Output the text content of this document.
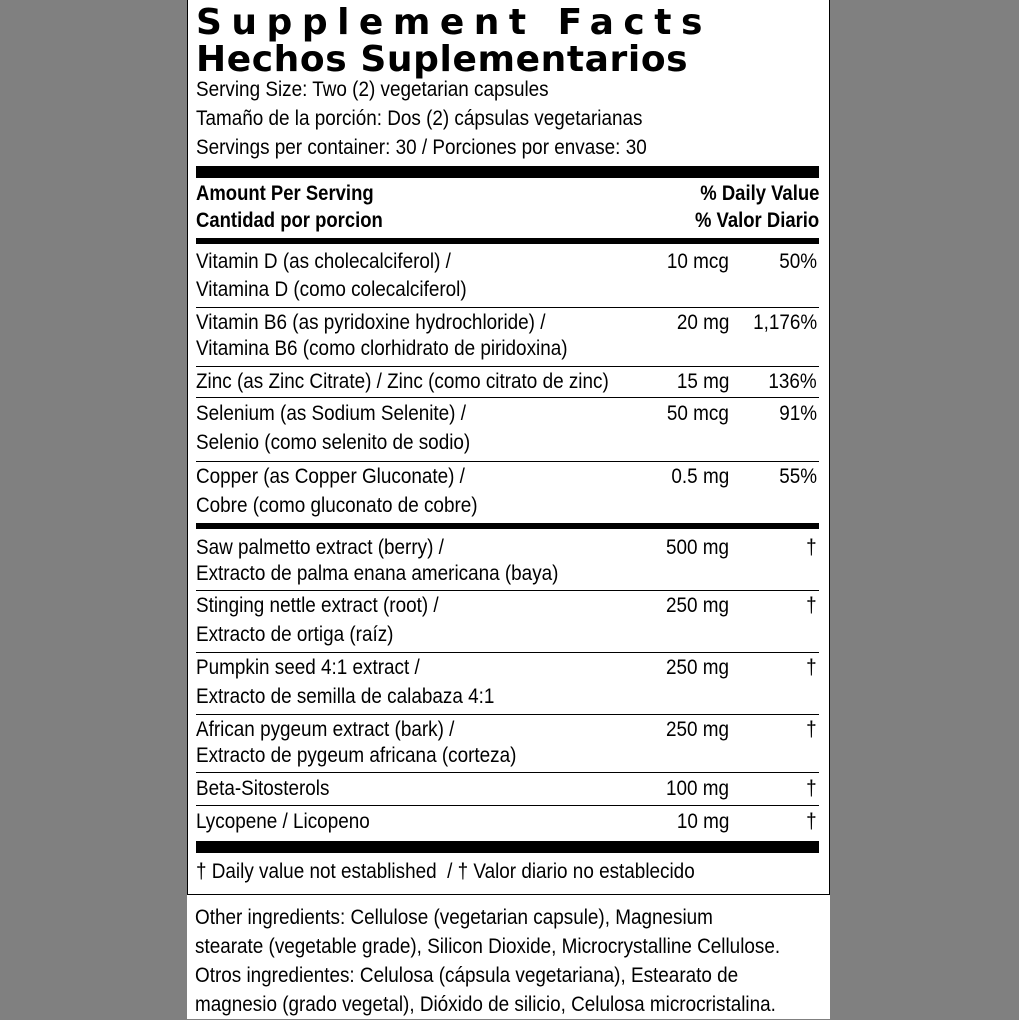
Supplement Facts
Hechos Suplementarios
Serving Size: Two (2) vegetarian capsules
Tamaño de la porción: Dos (2) cápsulas vegetarianas
Servings per container: 30 / Porciones por envase: 30
Amount Per Serving	% Daily Value
Cantidad por porcion	% Valor Diario
Vitamin D (as cholecalciferol) /	10 mcg 50%
Vitamina D (como colecalciferol)
Vitamin B6 (as pyridoxine hydrochloride) /	20 mg 1,176%
Vitamina B6 (como clorhidrato de piridoxina)
Zinc (as Zinc Citrate) / Zinc (como citrato de zinc)	15 mg 136%
Selenium (as Sodium Selenite) /	50 mcg 91%
Selenio (como selenito de sodio)
Copper (as Copper Gluconate) /	0.5 mg 55%
Cobre (como gluconato de cobre)
Saw palmetto extract (berry) /	500 mg	†
Extracto de palma enana americana (baya)
Stinging nettle extract (root) /	250 mg	†
Extracto de ortiga (raíz)
Pumpkin seed 4:1 extract /	250 mg	†
Extracto de semilla de calabaza 4:1
African pygeum extract (bark) /	250 mg	†
Extracto de pygeum africana (corteza)
Beta-Sitosterols	100 mg	†
Lycopene / Licopeno	10 mg	†
† Daily value not established  / † Valor diario no establecido

Other ingredients: Cellulose (vegetarian capsule), Magnesium

stearate (vegetable grade), Silicon Dioxide, Microcrystalline Cellulose.

Otros ingredientes: Celulosa (cápsula vegetariana), Estearato de

magnesio (grado vegetal), Dióxido de silicio, Celulosa microcristalina.
